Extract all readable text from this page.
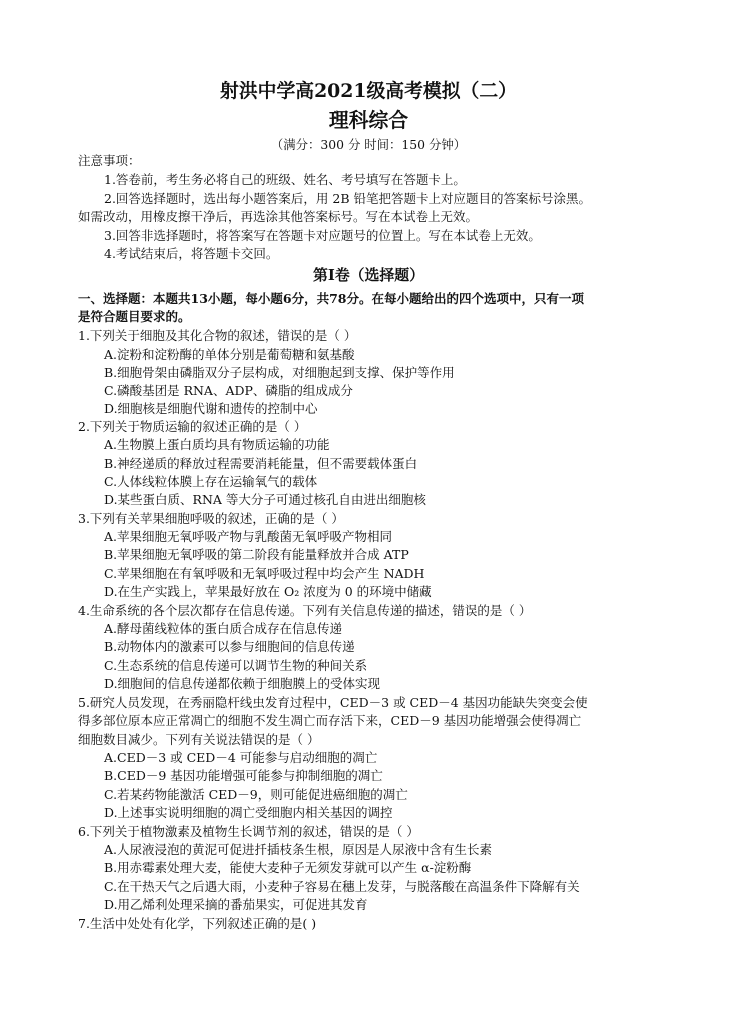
射洪中学高2021级高考模拟（二）
理科综合
（满分：300 分 时间：150 分钟）
注意事项：
1.答卷前，考生务必将自己的班级、姓名、考号填写在答题卡上。
2.回答选择题时，选出每小题答案后，用 2B 铅笔把答题卡上对应题目的答案标号涂黑。
如需改动，用橡皮擦干净后，再选涂其他答案标号。写在本试卷上无效。
3.回答非选择题时，将答案写在答题卡对应题号的位置上。写在本试卷上无效。
4.考试结束后，将答题卡交回。
第Ⅰ卷（选择题）
一、选择题：本题共13小题，每小题6分，共78分。在每小题给出的四个选项中，只有一项
是符合题目要求的。
1.下列关于细胞及其化合物的叙述，错误的是（ ）
A.淀粉和淀粉酶的单体分别是葡萄糖和氨基酸
B.细胞骨架由磷脂双分子层构成，对细胞起到支撑、保护等作用
C.磷酸基团是 RNA、ADP、磷脂的组成成分
D.细胞核是细胞代谢和遗传的控制中心
2.下列关于物质运输的叙述正确的是（ ）
A.生物膜上蛋白质均具有物质运输的功能
B.神经递质的释放过程需要消耗能量，但不需要载体蛋白
C.人体线粒体膜上存在运输氧气的载体
D.某些蛋白质、RNA 等大分子可通过核孔自由进出细胞核
3.下列有关苹果细胞呼吸的叙述，正确的是（ ）
A.苹果细胞无氧呼吸产物与乳酸菌无氧呼吸产物相同
B.苹果细胞无氧呼吸的第二阶段有能量释放并合成 ATP
C.苹果细胞在有氧呼吸和无氧呼吸过程中均会产生 NADH
D.在生产实践上，苹果最好放在 O₂ 浓度为 0 的环境中储藏
4.生命系统的各个层次都存在信息传递。下列有关信息传递的描述，错误的是（ ）
A.酵母菌线粒体的蛋白质合成存在信息传递
B.动物体内的激素可以参与细胞间的信息传递
C.生态系统的信息传递可以调节生物的种间关系
D.细胞间的信息传递都依赖于细胞膜上的受体实现
5.研究人员发现，在秀丽隐杆线虫发育过程中，CED－3 或 CED－4 基因功能缺失突变会使
得多部位原本应正常凋亡的细胞不发生凋亡而存活下来，CED－9 基因功能增强会使得凋亡
细胞数目减少。下列有关说法错误的是（ ）
A.CED－3 或 CED－4 可能参与启动细胞的凋亡
B.CED－9 基因功能增强可能参与抑制细胞的凋亡
C.若某药物能激活 CED－9，则可能促进癌细胞的凋亡
D.上述事实说明细胞的凋亡受细胞内相关基因的调控
6.下列关于植物激素及植物生长调节剂的叙述，错误的是（ ）
A.人尿液浸泡的黄泥可促进扦插枝条生根，原因是人尿液中含有生长素
B.用赤霉素处理大麦，能使大麦种子无须发芽就可以产生 α-淀粉酶
C.在干热天气之后遇大雨，小麦种子容易在穗上发芽，与脱落酸在高温条件下降解有关
D.用乙烯利处理采摘的番茄果实，可促进其发育
7.生活中处处有化学，下列叙述正确的是( )
